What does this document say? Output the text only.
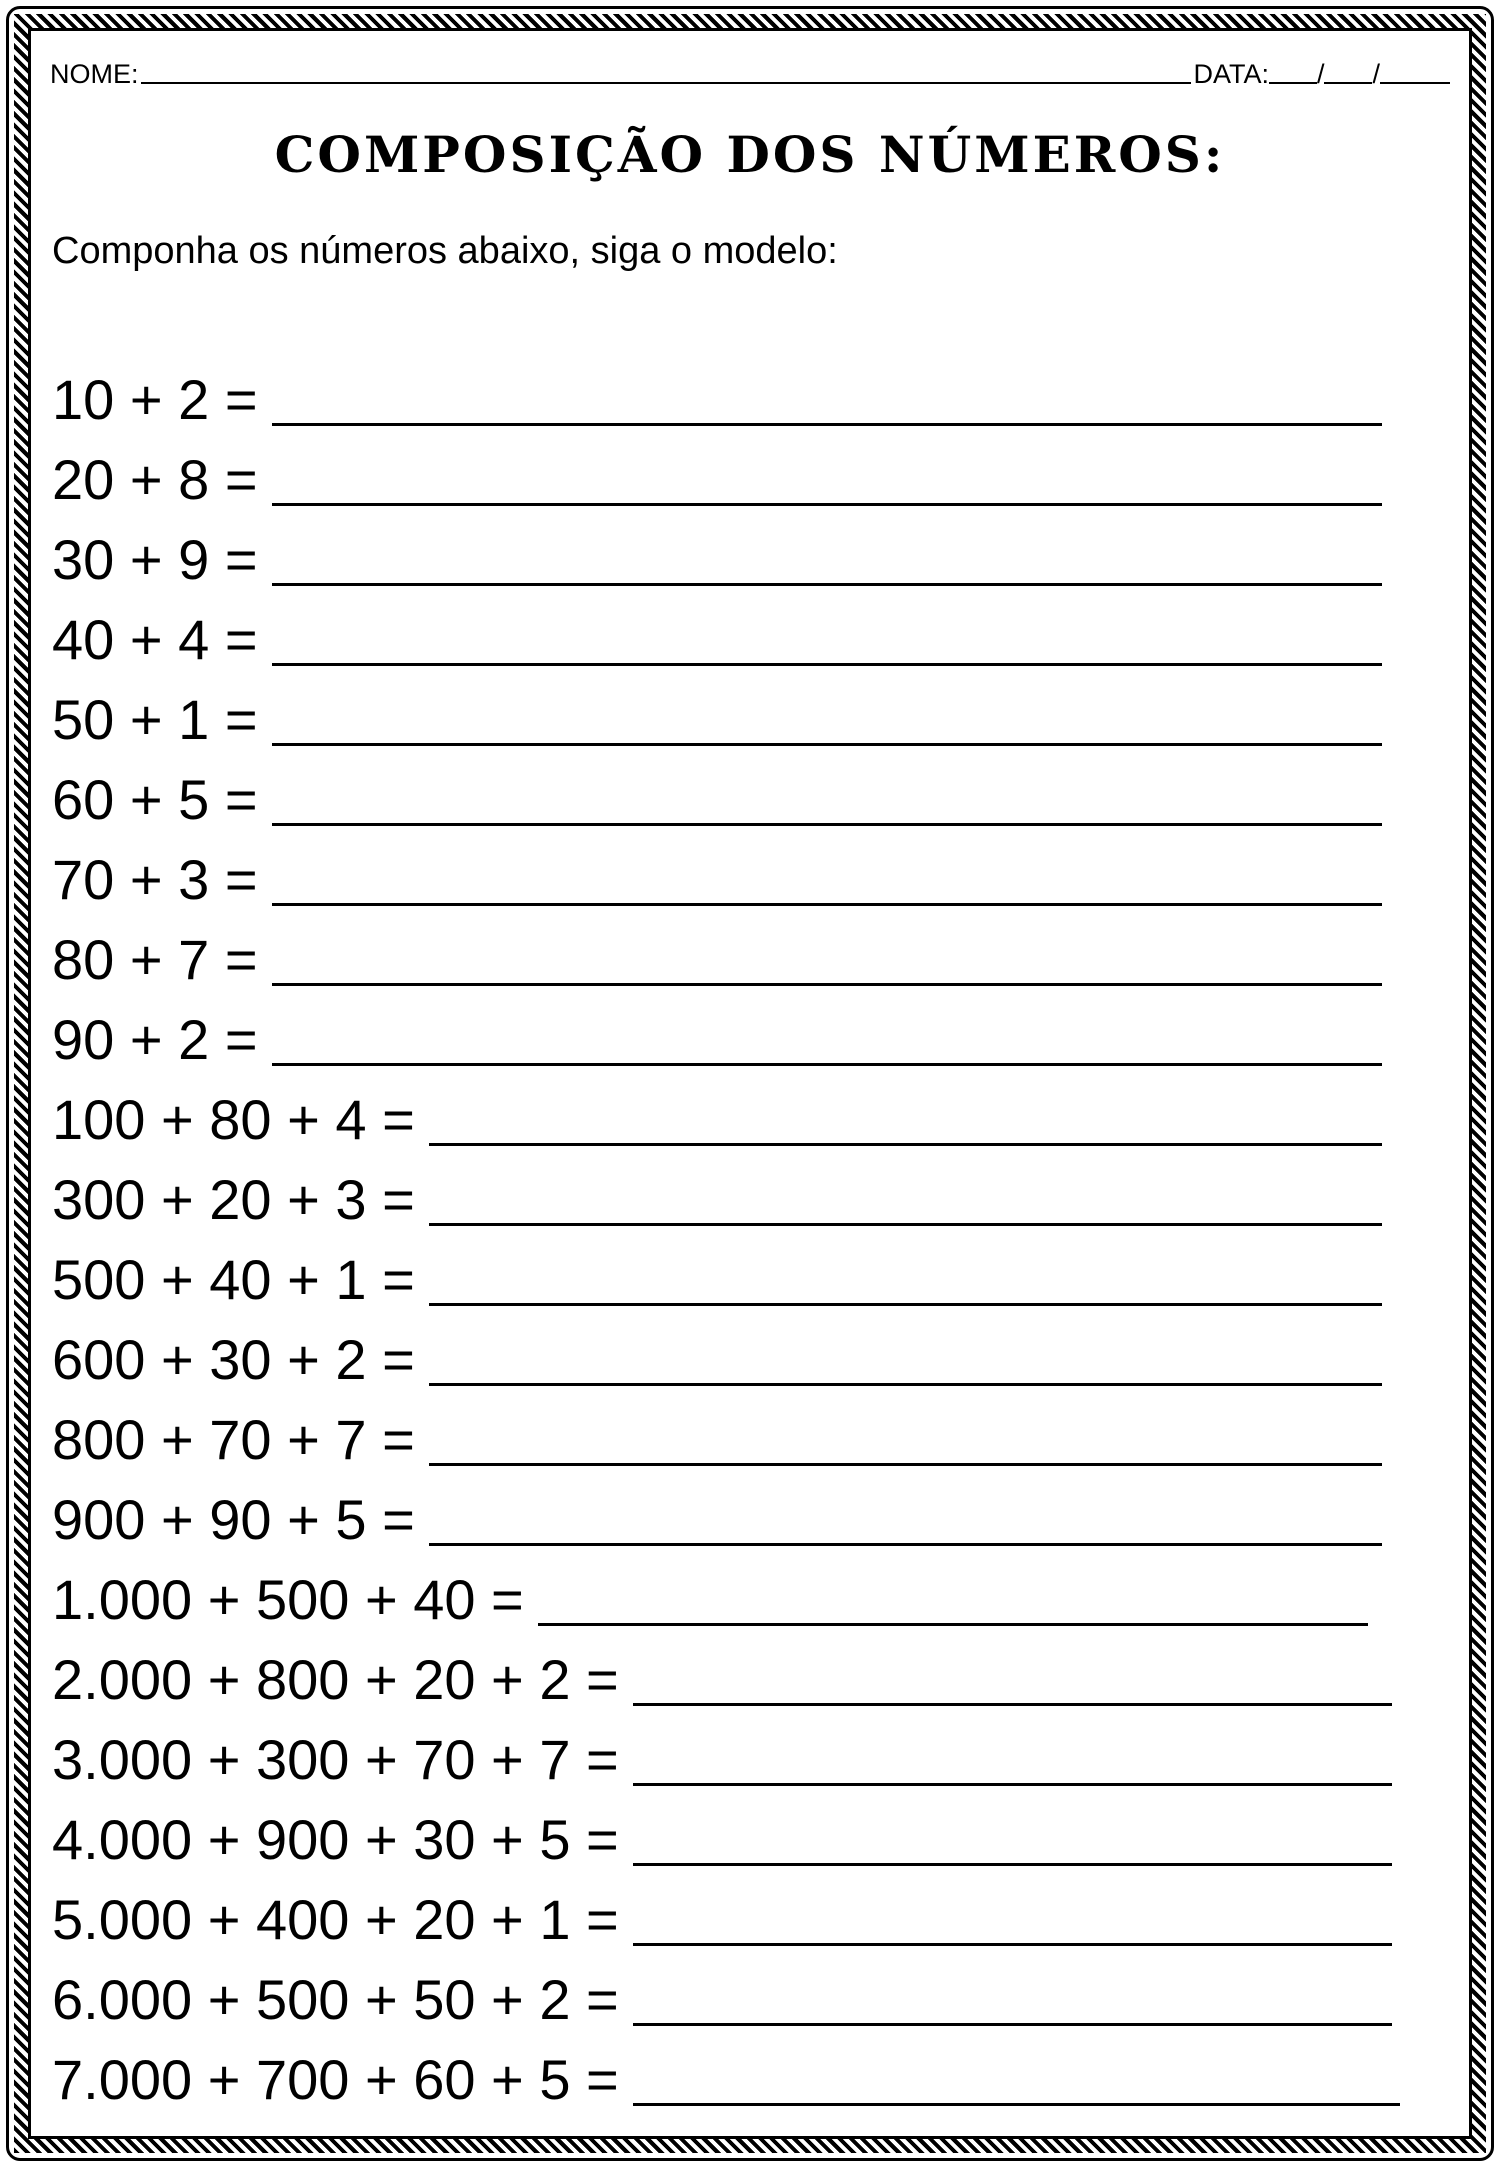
NOME:	DATA: / /
COMPOSIÇÃO DOS NÚMEROS:
Componha os números abaixo, siga o modelo:
10 + 2 =
20 + 8 =
30 + 9 =
40 + 4 =
50 + 1 =
60 + 5 =
70 + 3 =
80 + 7 =
90 + 2 =
100 + 80 + 4 =
300 + 20 + 3 =
500 + 40 + 1 =
600 + 30 + 2 =
800 + 70 + 7 =
900 + 90 + 5 =
1.000 + 500 + 40 =
2.000 + 800 + 20 + 2 =
3.000 + 300 + 70 + 7 =
4.000 + 900 + 30 + 5 =
5.000 + 400 + 20 + 1 =
6.000 + 500 + 50 + 2 =
7.000 + 700 + 60 + 5 =
